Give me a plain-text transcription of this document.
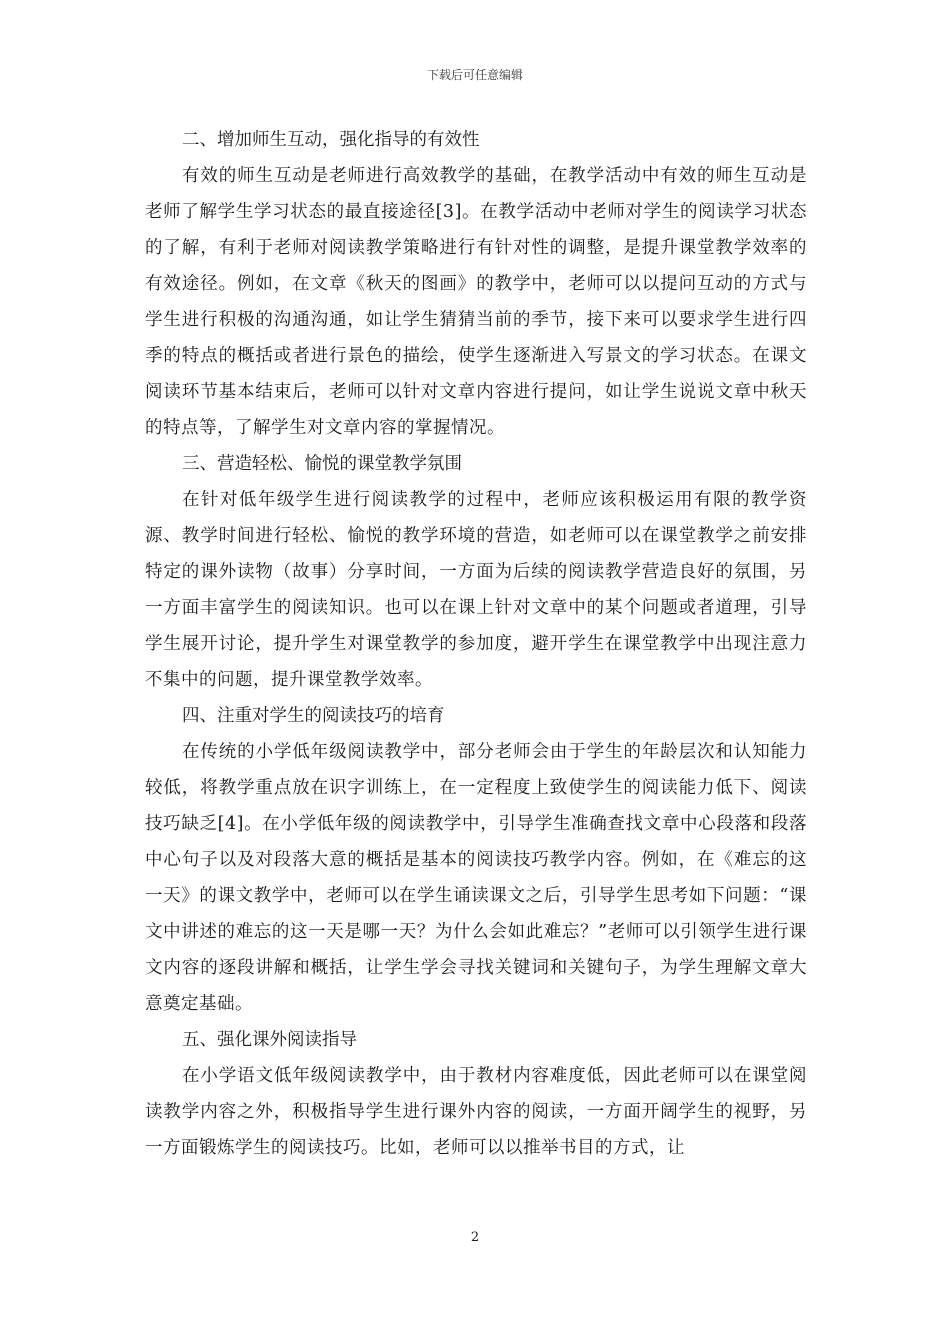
下载后可任意编辑

二、增加师生互动，强化指导的有效性

有效的师生互动是老师进行高效教学的基础，在教学活动中有效的师生互动是老师了解学生学习状态的最直接途径[3]。在教学活动中老师对学生的阅读学习状态的了解，有利于老师对阅读教学策略进行有针对性的调整，是提升课堂教学效率的有效途径。例如，在文章《秋天的图画》的教学中，老师可以以提问互动的方式与学生进行积极的沟通沟通，如让学生猜猜当前的季节，接下来可以要求学生进行四季的特点的概括或者进行景色的描绘，使学生逐渐进入写景文的学习状态。在课文阅读环节基本结束后，老师可以针对文章内容进行提问，如让学生说说文章中秋天的特点等，了解学生对文章内容的掌握情况。

三、营造轻松、愉悦的课堂教学氛围

在针对低年级学生进行阅读教学的过程中，老师应该积极运用有限的教学资源、教学时间进行轻松、愉悦的教学环境的营造，如老师可以在课堂教学之前安排特定的课外读物（故事）分享时间，一方面为后续的阅读教学营造良好的氛围，另一方面丰富学生的阅读知识。也可以在课上针对文章中的某个问题或者道理，引导学生展开讨论，提升学生对课堂教学的参加度，避开学生在课堂教学中出现注意力不集中的问题，提升课堂教学效率。

四、注重对学生的阅读技巧的培育

在传统的小学低年级阅读教学中，部分老师会由于学生的年龄层次和认知能力较低，将教学重点放在识字训练上，在一定程度上致使学生的阅读能力低下、阅读技巧缺乏[4]。在小学低年级的阅读教学中，引导学生准确查找文章中心段落和段落中心句子以及对段落大意的概括是基本的阅读技巧教学内容。例如，在《难忘的这一天》的课文教学中，老师可以在学生诵读课文之后，引导学生思考如下问题：“课文中讲述的难忘的这一天是哪一天？为什么会如此难忘？”老师可以引领学生进行课文内容的逐段讲解和概括，让学生学会寻找关键词和关键句子，为学生理解文章大意奠定基础。

五、强化课外阅读指导

在小学语文低年级阅读教学中，由于教材内容难度低，因此老师可以在课堂阅读教学内容之外，积极指导学生进行课外内容的阅读，一方面开阔学生的视野，另一方面锻炼学生的阅读技巧。比如，老师可以以推举书目的方式，让

2
